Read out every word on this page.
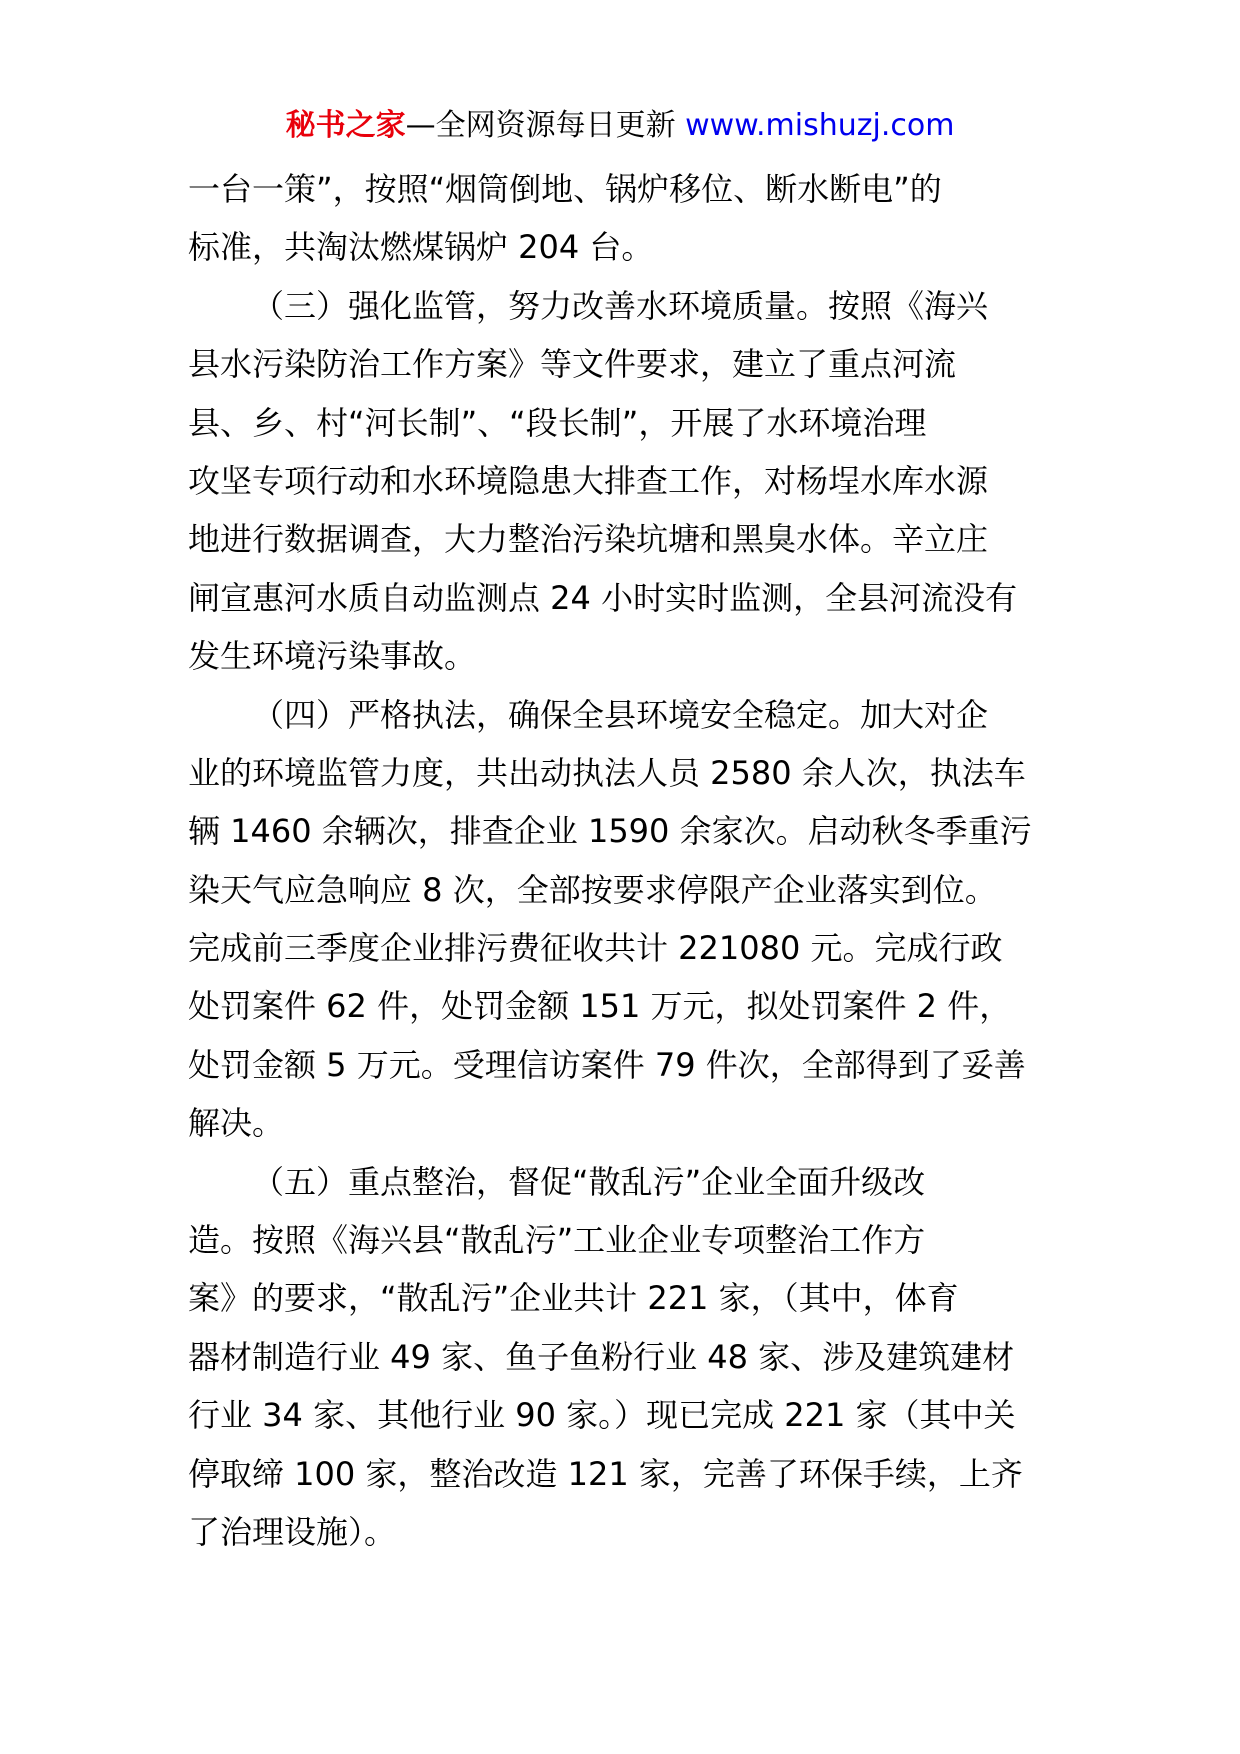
秘书之家—全网资源每日更新 www.mishuzj.com
一台一策”，按照“烟筒倒地、锅炉移位、断水断电”的
标准，共淘汰燃煤锅炉 204 台。
（三）强化监管，努力改善水环境质量。按照《海兴
县水污染防治工作方案》等文件要求，建立了重点河流
县、乡、村“河长制”、“段长制”，开展了水环境治理
攻坚专项行动和水环境隐患大排查工作，对杨埕水库水源
地进行数据调查，大力整治污染坑塘和黑臭水体。辛立庄
闸宣惠河水质自动监测点 24 小时实时监测，全县河流没有
发生环境污染事故。
（四）严格执法，确保全县环境安全稳定。加大对企
业的环境监管力度，共出动执法人员 2580 余人次，执法车
辆 1460 余辆次，排查企业 1590 余家次。启动秋冬季重污
染天气应急响应 8 次，全部按要求停限产企业落实到位。
完成前三季度企业排污费征收共计 221080 元。完成行政
处罚案件 62 件，处罚金额 151 万元，拟处罚案件 2 件，
处罚金额 5 万元。受理信访案件 79 件次，全部得到了妥善
解决。
（五）重点整治，督促“散乱污”企业全面升级改
造。按照《海兴县“散乱污”工业企业专项整治工作方
案》的要求，“散乱污”企业共计 221 家，（其中，体育
器材制造行业 49 家、鱼子鱼粉行业 48 家、涉及建筑建材
行业 34 家、其他行业 90 家。）现已完成 221 家（其中关
停取缔 100 家，整治改造 121 家，完善了环保手续，上齐
了治理设施）。
